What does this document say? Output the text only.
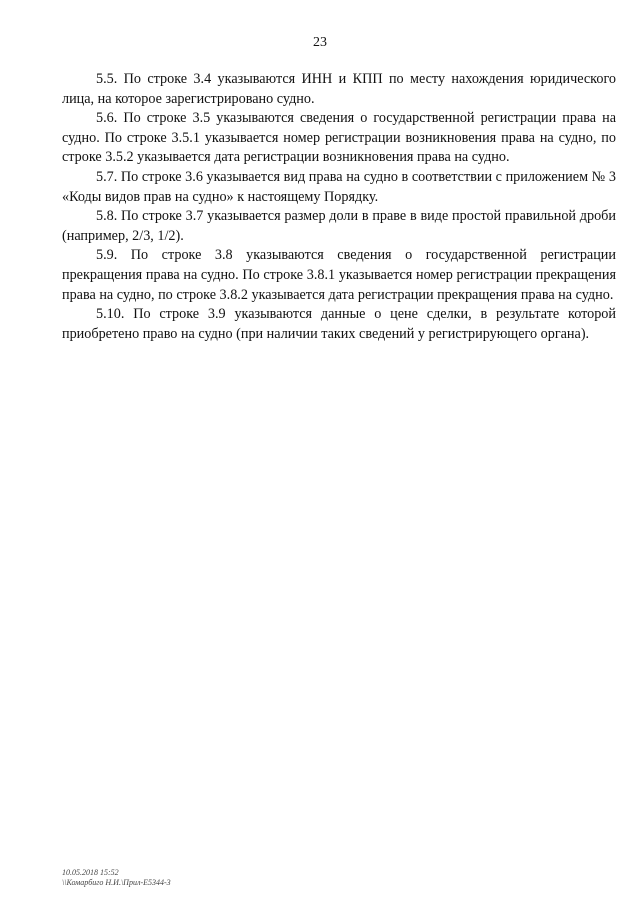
23

5.5. По строке 3.4 указываются ИНН и КПП по месту нахождения юридического лица, на которое зарегистрировано судно.

5.6. По строке 3.5 указываются сведения о государственной регистрации права на судно. По строке 3.5.1 указывается номер регистрации возникновения права на судно, по строке 3.5.2 указывается дата регистрации возникновения права на судно.

5.7. По строке 3.6 указывается вид права на судно в соответствии с приложением № 3 «Коды видов прав на судно» к настоящему Порядку.

5.8. По строке 3.7 указывается размер доли в праве в виде простой правильной дроби (например, 2/3, 1/2).

5.9. По строке 3.8 указываются сведения о государственной регистрации прекращения права на судно. По строке 3.8.1 указывается номер регистрации прекращения права на судно, по строке 3.8.2 указывается дата регистрации прекращения права на судно.

5.10. По строке 3.9 указываются данные о цене сделки, в результате которой приобретено право на судно (при наличии таких сведений у регистрирующего органа).

10.05.2018 15:52
\\Комарбиго Н.И.\Прил-Е5344-3
